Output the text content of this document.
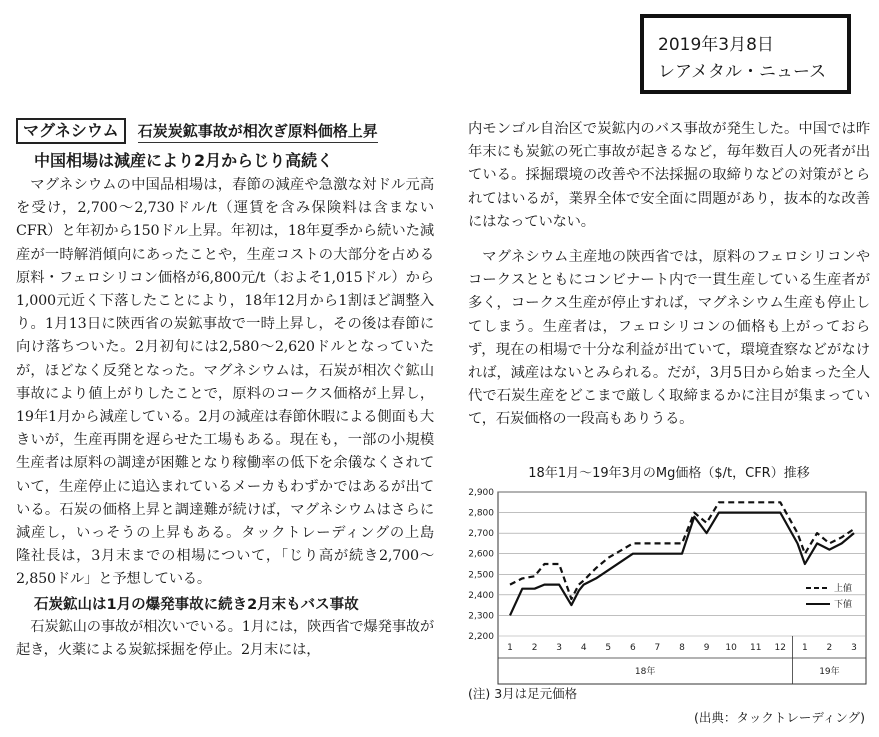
2019年3月8日
レアメタル・ニュース
マグネシウム	石炭炭鉱事故が相次ぎ原料価格上昇
中国相場は減産により2月からじり高続く

マグネシウムの中国品相場は，春節の減産や急激な対ドル元高を受け，2,700～2,730ドル/t（運賃を含み保険料は含まないCFR）と年初から150ドル上昇。年初は，18年夏季から続いた減産が一時解消傾向にあったことや，生産コストの大部分を占める原料・フェロシリコン価格が6,800元/t（およそ1,015ドル）から1,000元近く下落したことにより，18年12月から1割ほど調整入り。1月13日に陝西省の炭鉱事故で一時上昇し，その後は春節に向け落ちついた。2月初旬には2,580～2,620ドルとなっていたが，ほどなく反発となった。マグネシウムは，石炭が相次ぐ鉱山事故により値上がりしたことで，原料のコークス価格が上昇し，19年1月から減産している。2月の減産は春節休暇による側面も大きいが，生産再開を遅らせた工場もある。現在も，一部の小規模生産者は原料の調達が困難となり稼働率の低下を余儀なくされていて，生産停止に追込まれているメーカもわずかではあるが出ている。石炭の価格上昇と調達難が続けば，マグネシウムはさらに減産し，いっそうの上昇もある。タックトレーディングの上島　隆社長は，3月末までの相場について，「じり高が続き2,700～2,850ドル」と予想している。

石炭鉱山は1月の爆発事故に続き2月末もバス事故

石炭鉱山の事故が相次いでいる。1月には，陝西省で爆発事故が起き，火薬による炭鉱採掘を停止。2月末には，

内モンゴル自治区で炭鉱内のバス事故が発生した。中国では昨年末にも炭鉱の死亡事故が起きるなど，毎年数百人の死者が出ている。採掘環境の改善や不法採掘の取締りなどの対策がとられてはいるが，業界全体で安全面に問題があり，抜本的な改善にはなっていない。

マグネシウム主産地の陝西省では，原料のフェロシリコンやコークスとともにコンビナート内で一貫生産している生産者が多く，コークス生産が停止すれば，マグネシウム生産も停止してしまう。生産者は，フェロシリコンの価格も上がっておらず，現在の相場で十分な利益が出ていて，環境査察などがなければ，減産はないとみられる。だが，3月5日から始まった全人代で石炭生産をどこまで厳しく取締まるかに注目が集まっていて，石炭価格の一段高もありうる。

18年1月～19年3月のMg価格（$/t，CFR）推移
2,200
2,300
2,400
2,500
2,600
2,700
2,800
2,900
1 2 3 4 5 6 7 8 9 10 11 12 1 2 3
18年	19年
上値
下値
(注) 3月は足元価格
(出典：タックトレーディング)
